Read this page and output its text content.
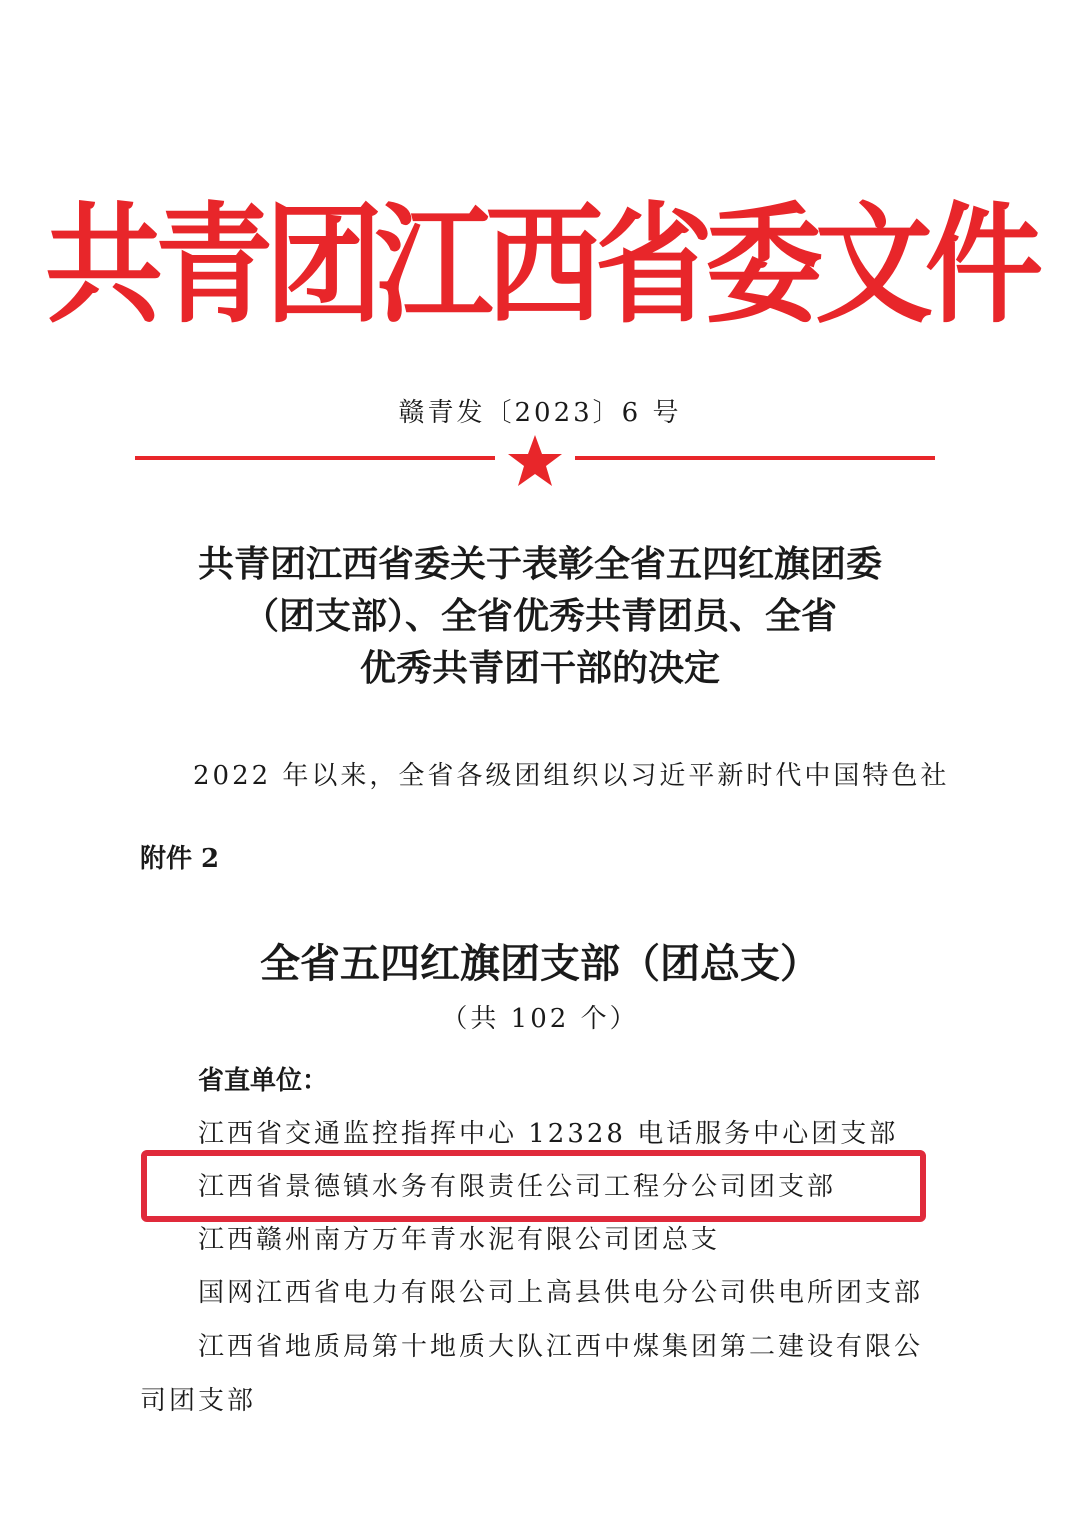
共青团江西省委文件
赣青发〔2023〕6 号
共青团江西省委关于表彰全省五四红旗团委
（团支部）、全省优秀共青团员、全省
优秀共青团干部的决定
2022 年以来，全省各级团组织以习近平新时代中国特色社
附件 2
全省五四红旗团支部（团总支）
（共 102 个）
省直单位：
江西省交通监控指挥中心 12328 电话服务中心团支部
江西省景德镇水务有限责任公司工程分公司团支部
江西赣州南方万年青水泥有限公司团总支
国网江西省电力有限公司上高县供电分公司供电所团支部
江西省地质局第十地质大队江西中煤集团第二建设有限公
司团支部
